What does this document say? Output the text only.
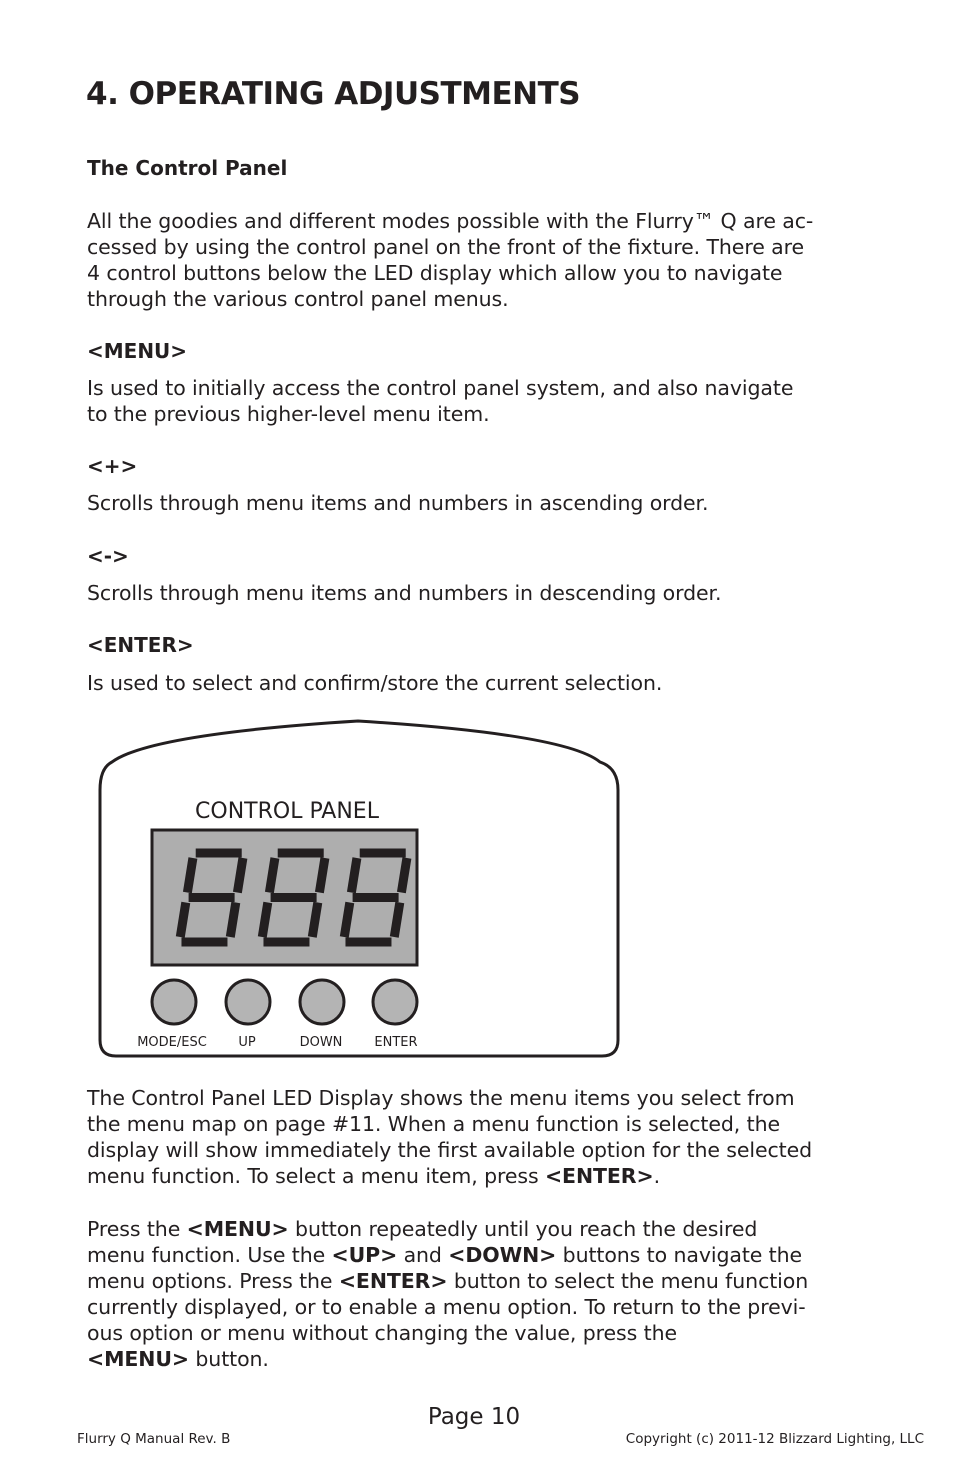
4. OPERATING ADJUSTMENTS
The Control Panel
All the goodies and different modes possible with the Flurry™ Q are ac-
cessed by using the control panel on the front of the ﬁxture. There are
4 control buttons below the LED display which allow you to navigate
through the various control panel menus.
<MENU>
Is used to initially access the control panel system, and also navigate
to the previous higher-level menu item.
<+>
Scrolls through menu items and numbers in ascending order.
<->
Scrolls through menu items and numbers in descending order.
<ENTER>
Is used to select and conﬁrm/store the current selection.
CONTROL PANEL
MODE/ESC UP	DOWN ENTER
The Control Panel LED Display shows the menu items you select from
the menu map on page #11. When a menu function is selected, the
display will show immediately the ﬁrst available option for the selected
menu function. To select a menu item, press <ENTER>.
Press the <MENU> button repeatedly until you reach the desired
menu function. Use the <UP> and <DOWN> buttons to navigate the
menu options. Press the <ENTER> button to select the menu function
currently displayed, or to enable a menu option. To return to the previ-
ous option or menu without changing the value, press the
<MENU> button.
Page 10
Flurry Q Manual Rev. B	Copyright (c) 2011-12 Blizzard Lighting, LLC
